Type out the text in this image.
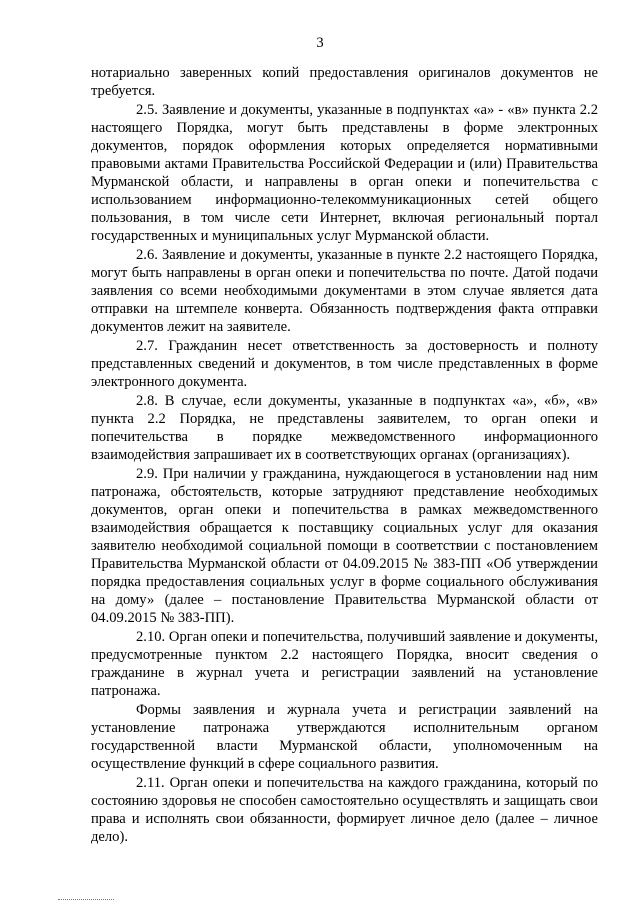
3

нотариально заверенных копий предоставления оригиналов документов не требуется.

2.5. Заявление и документы, указанные в подпунктах «а» - «в» пункта 2.2 настоящего Порядка, могут быть представлены в форме электронных документов, порядок оформления которых определяется нормативными правовыми актами Правительства Российской Федерации и (или) Правительства Мурманской области, и направлены в орган опеки и попечительства с использованием информационно-телекоммуникационных сетей общего пользования, в том числе сети Интернет, включая региональный портал государственных и муниципальных услуг Мурманской области.

2.6. Заявление и документы, указанные в пункте 2.2 настоящего Порядка, могут быть направлены в орган опеки и попечительства по почте. Датой подачи заявления со всеми необходимыми документами в этом случае является дата отправки на штемпеле конверта. Обязанность подтверждения факта отправки документов лежит на заявителе.

2.7. Гражданин несет ответственность за достоверность и полноту представленных сведений и документов, в том числе представленных в форме электронного документа.

2.8. В случае, если документы, указанные в подпунктах «а», «б», «в» пункта 2.2 Порядка, не представлены заявителем, то орган опеки и попечительства в порядке межведомственного информационного взаимодействия запрашивает их в соответствующих органах (организациях).

2.9. При наличии у гражданина, нуждающегося в установлении над ним патронажа, обстоятельств, которые затрудняют представление необходимых документов, орган опеки и попечительства в рамках межведомственного взаимодействия обращается к поставщику социальных услуг для оказания заявителю необходимой социальной помощи в соответствии с постановлением Правительства Мурманской области от 04.09.2015 № 383-ПП «Об утверждении порядка предоставления социальных услуг в форме социального обслуживания на дому» (далее – постановление Правительства Мурманской области от 04.09.2015 № 383-ПП).

2.10. Орган опеки и попечительства, получивший заявление и документы, предусмотренные пунктом 2.2 настоящего Порядка, вносит сведения о гражданине в журнал учета и регистрации заявлений на установление патронажа.

Формы заявления и журнала учета и регистрации заявлений на установление патронажа утверждаются исполнительным органом государственной власти Мурманской области, уполномоченным на осуществление функций в сфере социального развития.

2.11. Орган опеки и попечительства на каждого гражданина, который по состоянию здоровья не способен самостоятельно осуществлять и защищать свои права и исполнять свои обязанности, формирует личное дело (далее – личное дело).
